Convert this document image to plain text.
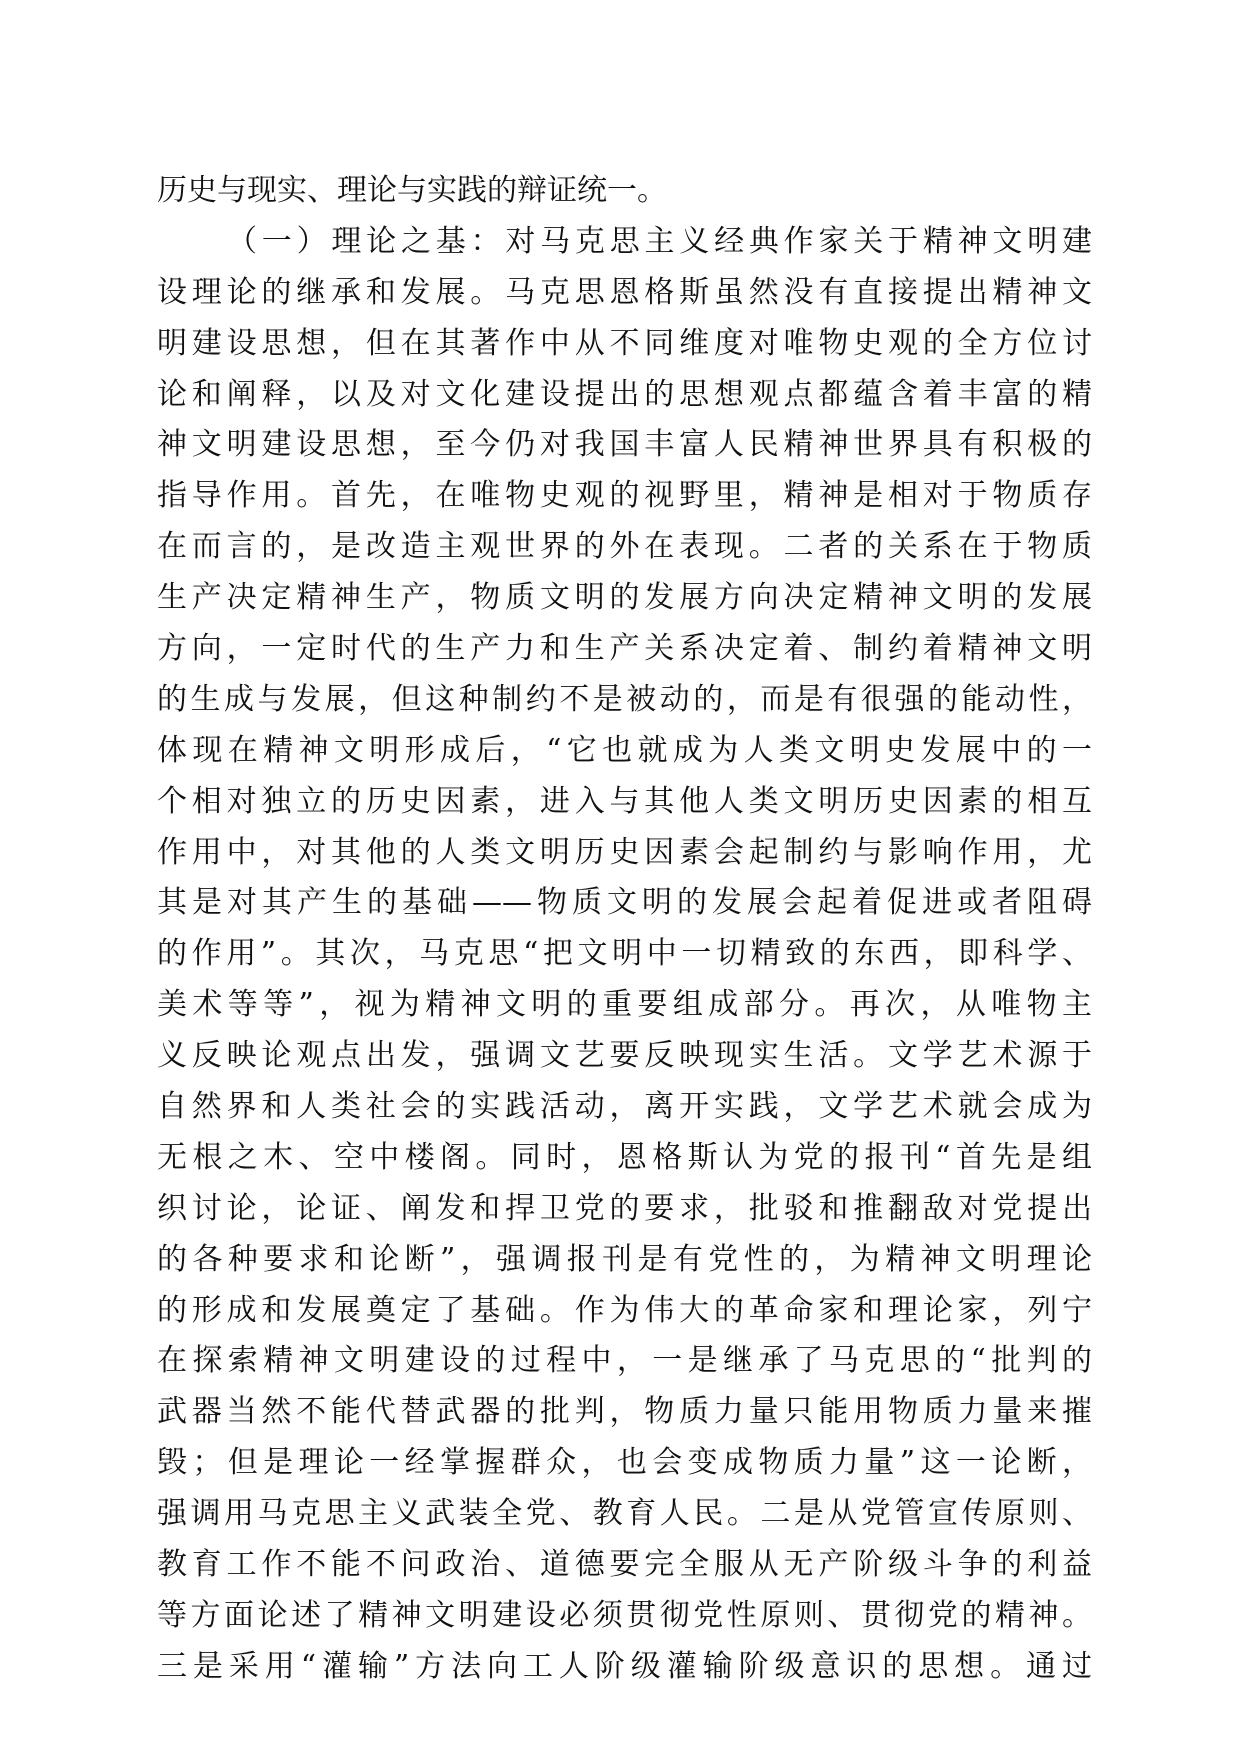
历史与现实、理论与实践的辩证统一。
（一）理论之基：对马克思主义经典作家关于精神文明建
设理论的继承和发展。马克思恩格斯虽然没有直接提出精神文
明建设思想，但在其著作中从不同维度对唯物史观的全方位讨
论和阐释，以及对文化建设提出的思想观点都蕴含着丰富的精
神文明建设思想，至今仍对我国丰富人民精神世界具有积极的
指导作用。首先，在唯物史观的视野里，精神是相对于物质存
在而言的，是改造主观世界的外在表现。二者的关系在于物质
生产决定精神生产，物质文明的发展方向决定精神文明的发展
方向，一定时代的生产力和生产关系决定着、制约着精神文明
的生成与发展，但这种制约不是被动的，而是有很强的能动性，
体现在精神文明形成后，“它也就成为人类文明史发展中的一
个相对独立的历史因素，进入与其他人类文明历史因素的相互
作用中，对其他的人类文明历史因素会起制约与影响作用，尤
其是对其产生的基础——物质文明的发展会起着促进或者阻碍
的作用”。其次，马克思“把文明中一切精致的东西，即科学、
美术等等”，视为精神文明的重要组成部分。再次，从唯物主
义反映论观点出发，强调文艺要反映现实生活。文学艺术源于
自然界和人类社会的实践活动，离开实践，文学艺术就会成为
无根之木、空中楼阁。同时，恩格斯认为党的报刊“首先是组
织讨论，论证、阐发和捍卫党的要求，批驳和推翻敌对党提出
的各种要求和论断”，强调报刊是有党性的，为精神文明理论
的形成和发展奠定了基础。作为伟大的革命家和理论家，列宁
在探索精神文明建设的过程中，一是继承了马克思的“批判的
武器当然不能代替武器的批判，物质力量只能用物质力量来摧
毁；但是理论一经掌握群众，也会变成物质力量”这一论断，
强调用马克思主义武装全党、教育人民。二是从党管宣传原则、
教育工作不能不问政治、道德要完全服从无产阶级斗争的利益
等方面论述了精神文明建设必须贯彻党性原则、贯彻党的精神。
三是采用“灌输”方法向工人阶级灌输阶级意识的思想。通过
